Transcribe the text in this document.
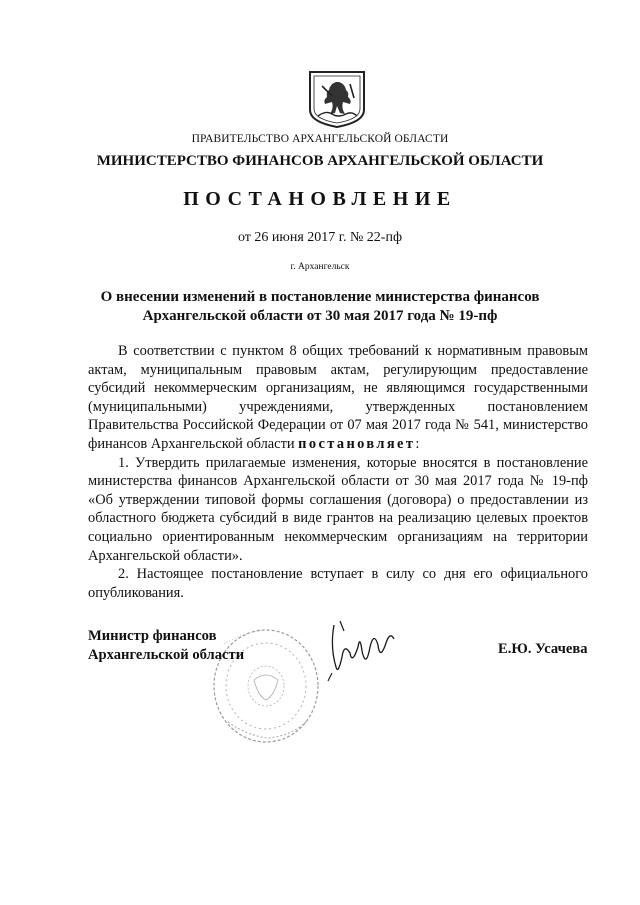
ПРАВИТЕЛЬСТВО АРХАНГЕЛЬСКОЙ ОБЛАСТИ
МИНИСТЕРСТВО ФИНАНСОВ АРХАНГЕЛЬСКОЙ ОБЛАСТИ
ПОСТАНОВЛЕНИЕ
от 26 июня 2017 г. № 22-пф
г. Архангельск
О внесении изменений в постановление министерства финансов
Архангельской области от 30 мая 2017 года № 19-пф

В соответствии с пунктом 8 общих требований к нормативным правовым актам, муниципальным правовым актам, регулирующим предоставление субсидий некоммерческим организациям, не являющимся государственными (муниципальными) учреждениями, утвержденных постановлением Правительства Российской Федерации от 07 мая 2017 года № 541, министерство финансов Архангельской области постановляет:

1. Утвердить прилагаемые изменения, которые вносятся в постановление министерства финансов Архангельской области от 30 мая 2017 года № 19-пф «Об утверждении типовой формы соглашения (договора) о предоставлении из областного бюджета субсидий в виде грантов на реализацию целевых проектов социально ориентированным некоммерческим организациям на территории Архангельской области».

2. Настоящее постановление вступает в силу со дня его официального опубликования.

Министр финансов
Архангельской области	Е.Ю. Усачева
